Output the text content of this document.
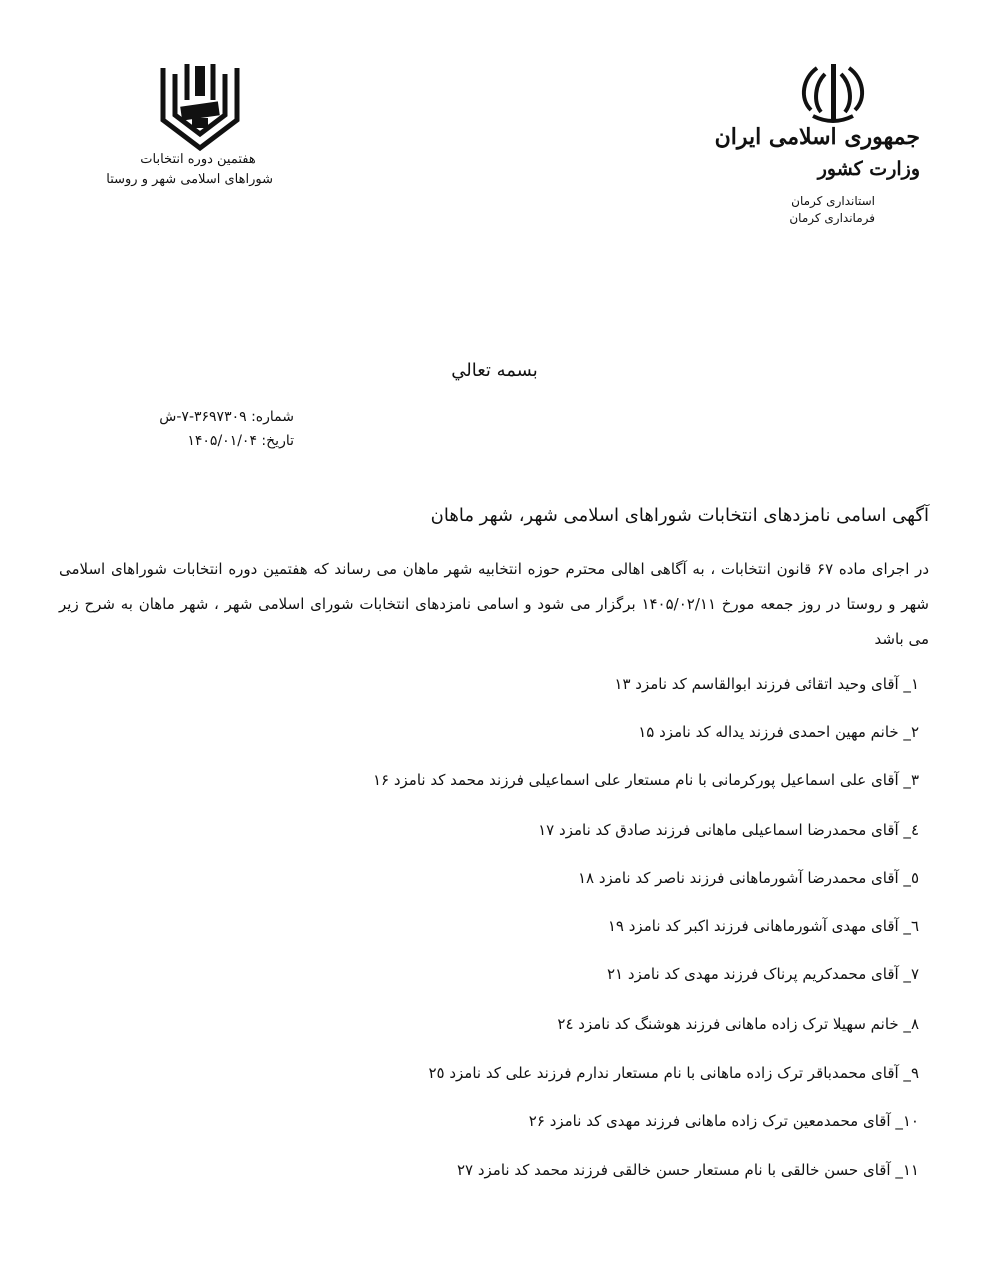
هفتمین دوره انتخابات
شوراهای اسلامی شهر و روستا
جمهوری اسلامی ایران
وزارت کشور
استانداری کرمان
فرمانداری کرمان
بسمه تعالي
شماره: ۳۶۹۷۳۰۹-۷-ش
تاریخ: ۱۴۰۵/۰۱/۰۴
آگهی اسامی نامزدهای انتخابات شوراهای اسلامی شهر، شهر ماهان
در اجرای ماده ۶۷ قانون انتخابات ، به آگاهی اهالی محترم حوزه انتخابیه شهر ماهان می رساند که هفتمین دوره انتخابات شوراهای اسلامی شهر و روستا در روز جمعه مورخ ۱۴۰۵/۰۲/۱۱ برگزار می شود و اسامی نامزدهای انتخابات شورای اسلامی شهر ، شهر ماهان به شرح زیر می باشد
۱_ آقای وحید اتقائی فرزند ابوالقاسم کد نامزد ۱۳
۲_ خانم مهین احمدی فرزند یداله کد نامزد ۱۵
۳_ آقای علی اسماعیل پورکرمانی با نام مستعار علی اسماعیلی فرزند محمد کد نامزد ۱۶
٤_ آقای محمدرضا اسماعیلی ماهانی فرزند صادق کد نامزد ۱۷
٥_ آقای محمدرضا آشورماهانی فرزند ناصر کد نامزد ۱۸
٦_ آقای مهدی آشورماهانی فرزند اکبر کد نامزد ۱۹
۷_ آقای محمدکریم پرناک فرزند مهدی کد نامزد ۲۱
۸_ خانم سهیلا ترک زاده ماهانی فرزند هوشنگ کد نامزد ۲٤
۹_ آقای محمدباقر ترک زاده ماهانی با نام مستعار ندارم فرزند علی کد نامزد ۲٥
۱۰_ آقای محمدمعین ترک زاده ماهانی فرزند مهدی کد نامزد ۲۶
۱۱_ آقای حسن خالقی با نام مستعار حسن خالقی فرزند محمد کد نامزد ۲۷
